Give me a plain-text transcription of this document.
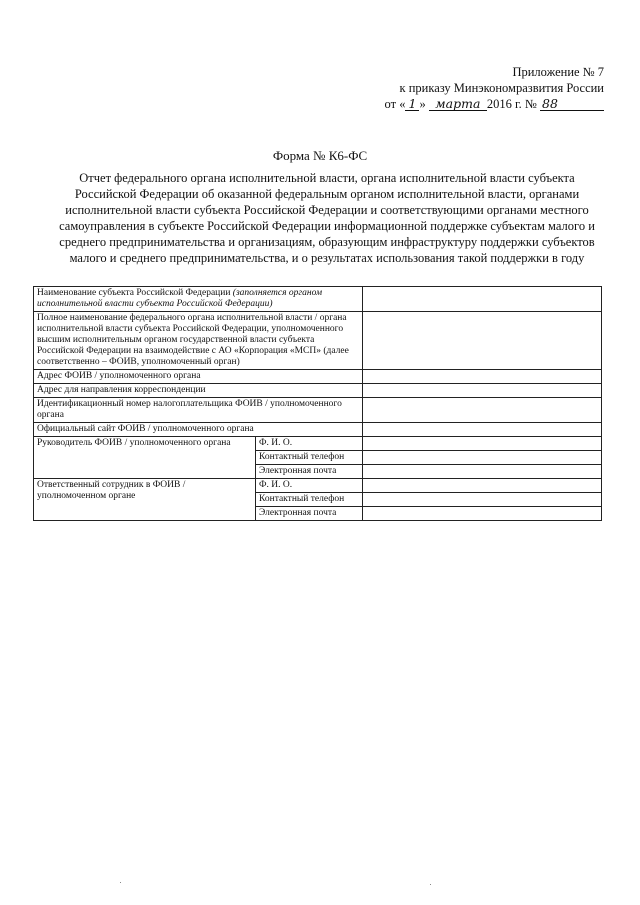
Приложение № 7
к приказу Минэкономразвития России
от « 1 » марта 2016 г. № 88
Форма № К6-ФС
Отчет федерального органа исполнительной власти, органа исполнительной власти субъекта Российской Федерации об оказанной федеральным органом исполнительной власти, органами исполнительной власти субъекта Российской Федерации и соответствующими органами местного самоуправления в субъекте Российской Федерации информационной поддержке субъектам малого и среднего предпринимательства и организациям, образующим инфраструктуру поддержки субъектов малого и среднего предпринимательства, и о результатах использования такой поддержки в году
Наименование субъекта Российской Федерации (заполняется органом исполнительной власти субъекта Российской Федерации)		
Полное наименование федерального органа исполнительной власти / органа исполнительной власти субъекта Российской Федерации, уполномоченного высшим исполнительным органом государственной власти субъекта Российской Федерации на взаимодействие с АО «Корпорация «МСП» (далее соответственно – ФОИВ, уполномоченный орган)		
Адрес ФОИВ / уполномоченного органа		
Адрес для направления корреспонденции		
Идентификационный номер налогоплательщика ФОИВ / уполномоченного органа		
Официальный сайт ФОИВ / уполномоченного органа		
Руководитель ФОИВ / уполномоченного органа	Ф. И. О.	
	Контактный телефон	
	Электронная почта	
Ответственный сотрудник в ФОИВ / уполномоченном органе	Ф. И. О.	
	Контактный телефон	
	Электронная почта	
